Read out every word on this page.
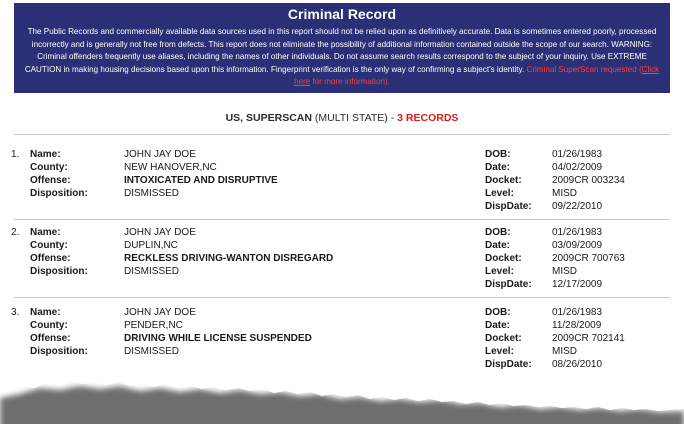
Criminal Record
The Public Records and commercially available data sources used in this report should not be relied upon as definitively accurate. Data is sometimes entered poorly, processed incorrectly and is generally not free from defects. This report does not eliminate the possibility of additional information contained outside the scope of our search. WARNING: Criminal offenders frequently use aliases, including the names of other individuals. Do not assume search results correspond to the subject of your inquiry. Use EXTREME CAUTION in making housing decisions based upon this information. Fingerprint verification is the only way of confirming a subject's identity. Criminal SuperScan requested (Click here for more information).
US, SUPERSCAN (MULTI STATE) - 3 RECORDS
1. Name:	JOHN JAY DOE
County:	NEW HANOVER,NC
Offense:	INTOXICATED AND DISRUPTIVE
Disposition:	DISMISSED
DOB:	01/26/1983
Date:	04/02/2009
Docket:	2009CR 003234
Level:	MISD
DispDate: 09/22/2010
2. Name:	JOHN JAY DOE
County:	DUPLIN,NC
Offense:	RECKLESS DRIVING-WANTON DISREGARD
Disposition:	DISMISSED
DOB:	01/26/1983
Date:	03/09/2009
Docket:	2009CR 700763
Level:	MISD
DispDate: 12/17/2009
3. Name:	JOHN JAY DOE
County:	PENDER,NC
Offense:	DRIVING WHILE LICENSE SUSPENDED
Disposition:	DISMISSED
DOB:	01/26/1983
Date:	11/28/2009
Docket:	2009CR 702141
Level:	MISD
DispDate: 08/26/2010
